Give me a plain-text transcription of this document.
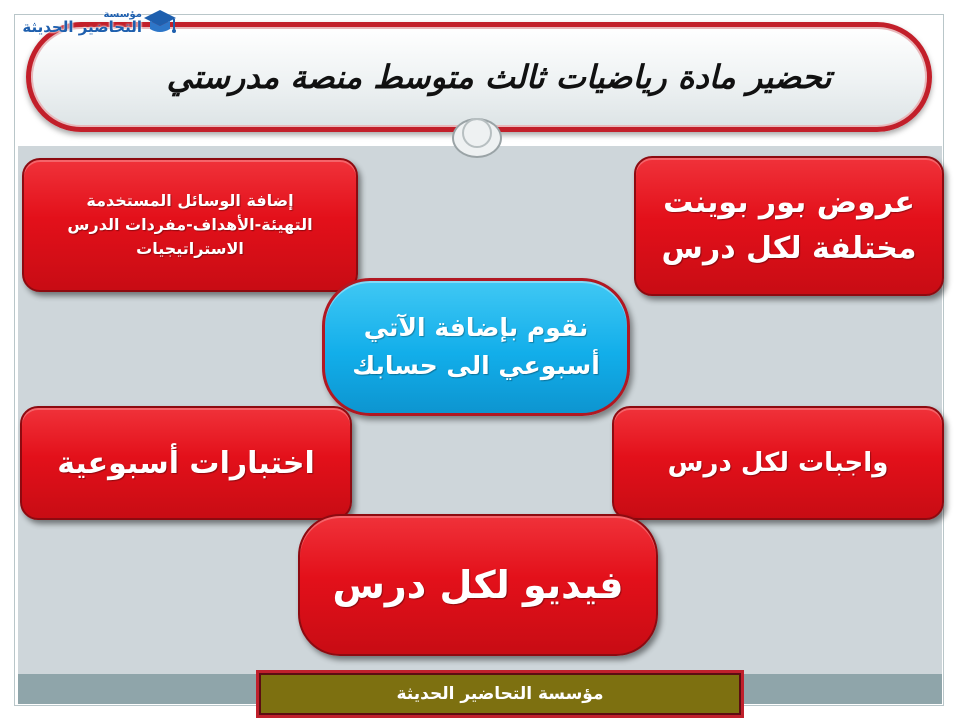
تحضير مادة رياضيات ثالث متوسط منصة مدرستي
مؤسسة
التحاضير الحديثة
إضافة الوسائل المستخدمة
التهيئة-الأهداف-مفردات الدرس
الاستراتيجيات
عروض بور بوينت
مختلفة لكل درس
نقوم بإضافة الآتي
أسبوعي الى حسابك
اختبارات أسبوعية	واجبات لكل درس
فيديو لكل درس
مؤسسة التحاضير الحديثة
